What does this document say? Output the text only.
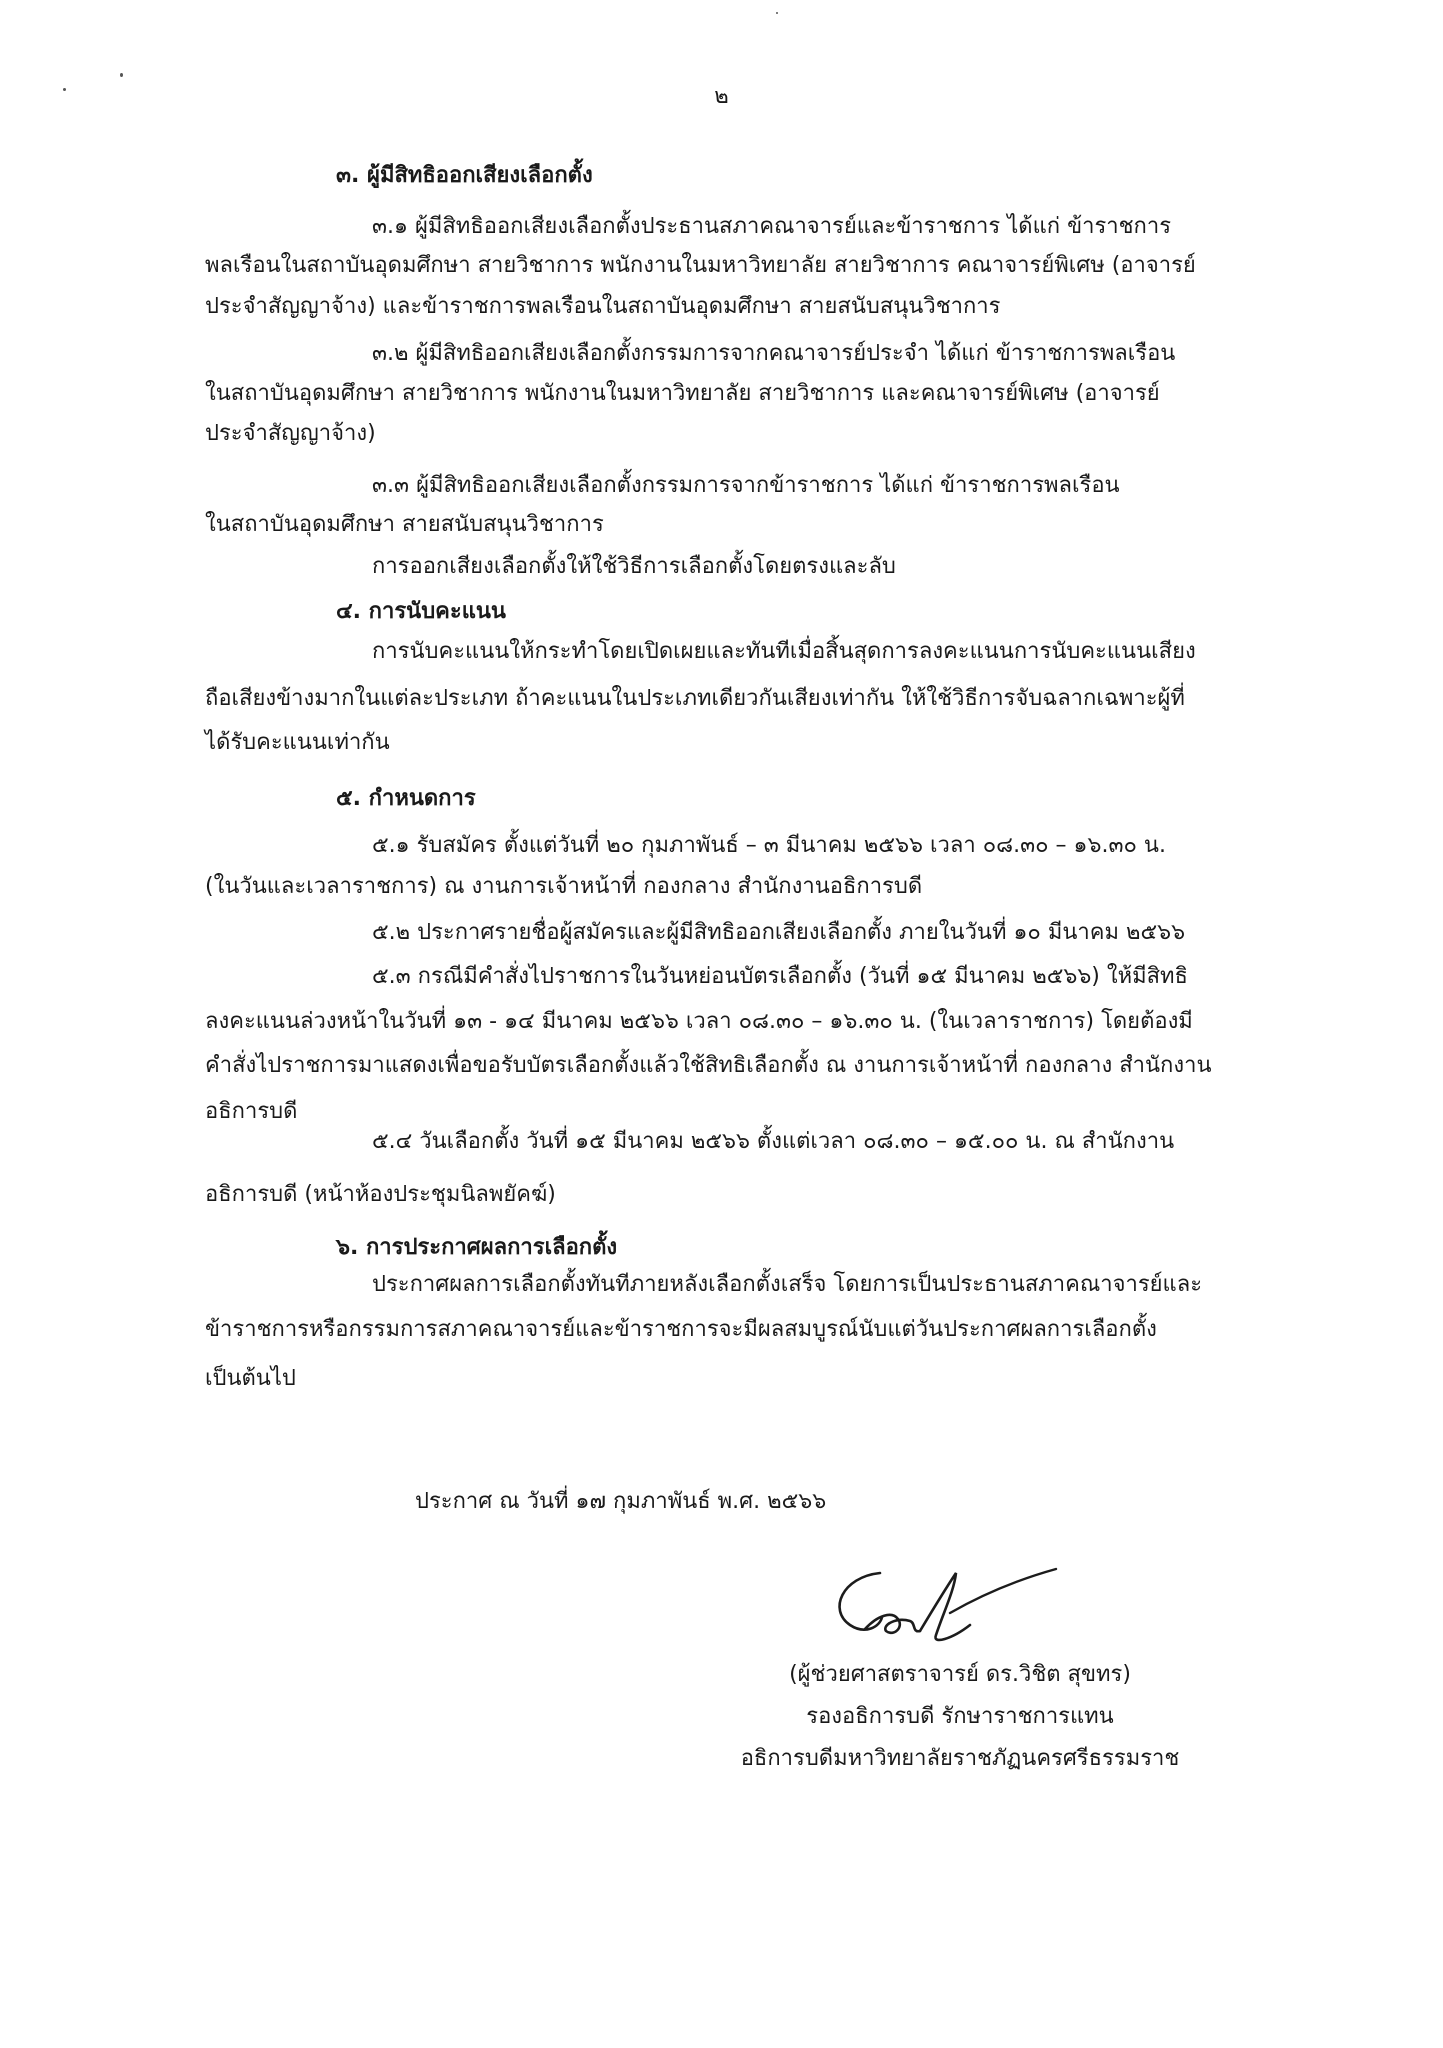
๒
๓. ผู้มีสิทธิออกเสียงเลือกตั้ง
๓.๑ ผู้มีสิทธิออกเสียงเลือกตั้งประธานสภาคณาจารย์และข้าราชการ ได้แก่ ข้าราชการ
พลเรือนในสถาบันอุดมศึกษา สายวิชาการ พนักงานในมหาวิทยาลัย สายวิชาการ คณาจารย์พิเศษ (อาจารย์
ประจำสัญญาจ้าง) และข้าราชการพลเรือนในสถาบันอุดมศึกษา สายสนับสนุนวิชาการ
๓.๒ ผู้มีสิทธิออกเสียงเลือกตั้งกรรมการจากคณาจารย์ประจำ ได้แก่ ข้าราชการพลเรือน
ในสถาบันอุดมศึกษา สายวิชาการ พนักงานในมหาวิทยาลัย สายวิชาการ และคณาจารย์พิเศษ (อาจารย์
ประจำสัญญาจ้าง)
๓.๓ ผู้มีสิทธิออกเสียงเลือกตั้งกรรมการจากข้าราชการ ได้แก่ ข้าราชการพลเรือน
ในสถาบันอุดมศึกษา สายสนับสนุนวิชาการ
การออกเสียงเลือกตั้งให้ใช้วิธีการเลือกตั้งโดยตรงและลับ
๔. การนับคะแนน
การนับคะแนนให้กระทำโดยเปิดเผยและทันทีเมื่อสิ้นสุดการลงคะแนนการนับคะแนนเสียง
ถือเสียงข้างมากในแต่ละประเภท ถ้าคะแนนในประเภทเดียวกันเสียงเท่ากัน ให้ใช้วิธีการจับฉลากเฉพาะผู้ที่
ได้รับคะแนนเท่ากัน
๕. กำหนดการ
๕.๑ รับสมัคร ตั้งแต่วันที่ ๒๐ กุมภาพันธ์ – ๓ มีนาคม ๒๕๖๖ เวลา ๐๘.๓๐ – ๑๖.๓๐ น.
(ในวันและเวลาราชการ) ณ งานการเจ้าหน้าที่ กองกลาง สำนักงานอธิการบดี
๕.๒ ประกาศรายชื่อผู้สมัครและผู้มีสิทธิออกเสียงเลือกตั้ง ภายในวันที่ ๑๐ มีนาคม ๒๕๖๖
๕.๓ กรณีมีคำสั่งไปราชการในวันหย่อนบัตรเลือกตั้ง (วันที่ ๑๕ มีนาคม ๒๕๖๖) ให้มีสิทธิ
ลงคะแนนล่วงหน้าในวันที่ ๑๓ - ๑๔ มีนาคม ๒๕๖๖ เวลา ๐๘.๓๐ – ๑๖.๓๐ น. (ในเวลาราชการ) โดยต้องมี
คำสั่งไปราชการมาแสดงเพื่อขอรับบัตรเลือกตั้งแล้วใช้สิทธิเลือกตั้ง ณ งานการเจ้าหน้าที่ กองกลาง สำนักงาน
อธิการบดี
๕.๔ วันเลือกตั้ง วันที่ ๑๕ มีนาคม ๒๕๖๖ ตั้งแต่เวลา ๐๘.๓๐ – ๑๕.๐๐ น. ณ สำนักงาน
อธิการบดี (หน้าห้องประชุมนิลพยัคฆ์)
๖. การประกาศผลการเลือกตั้ง
ประกาศผลการเลือกตั้งทันทีภายหลังเลือกตั้งเสร็จ โดยการเป็นประธานสภาคณาจารย์และ
ข้าราชการหรือกรรมการสภาคณาจารย์และข้าราชการจะมีผลสมบูรณ์นับแต่วันประกาศผลการเลือกตั้ง
เป็นต้นไป
ประกาศ ณ วันที่ ๑๗ กุมภาพันธ์ พ.ศ. ๒๕๖๖
(ผู้ช่วยศาสตราจารย์ ดร.วิชิต สุขทร)
รองอธิการบดี รักษาราชการแทน
อธิการบดีมหาวิทยาลัยราชภัฏนครศรีธรรมราช
